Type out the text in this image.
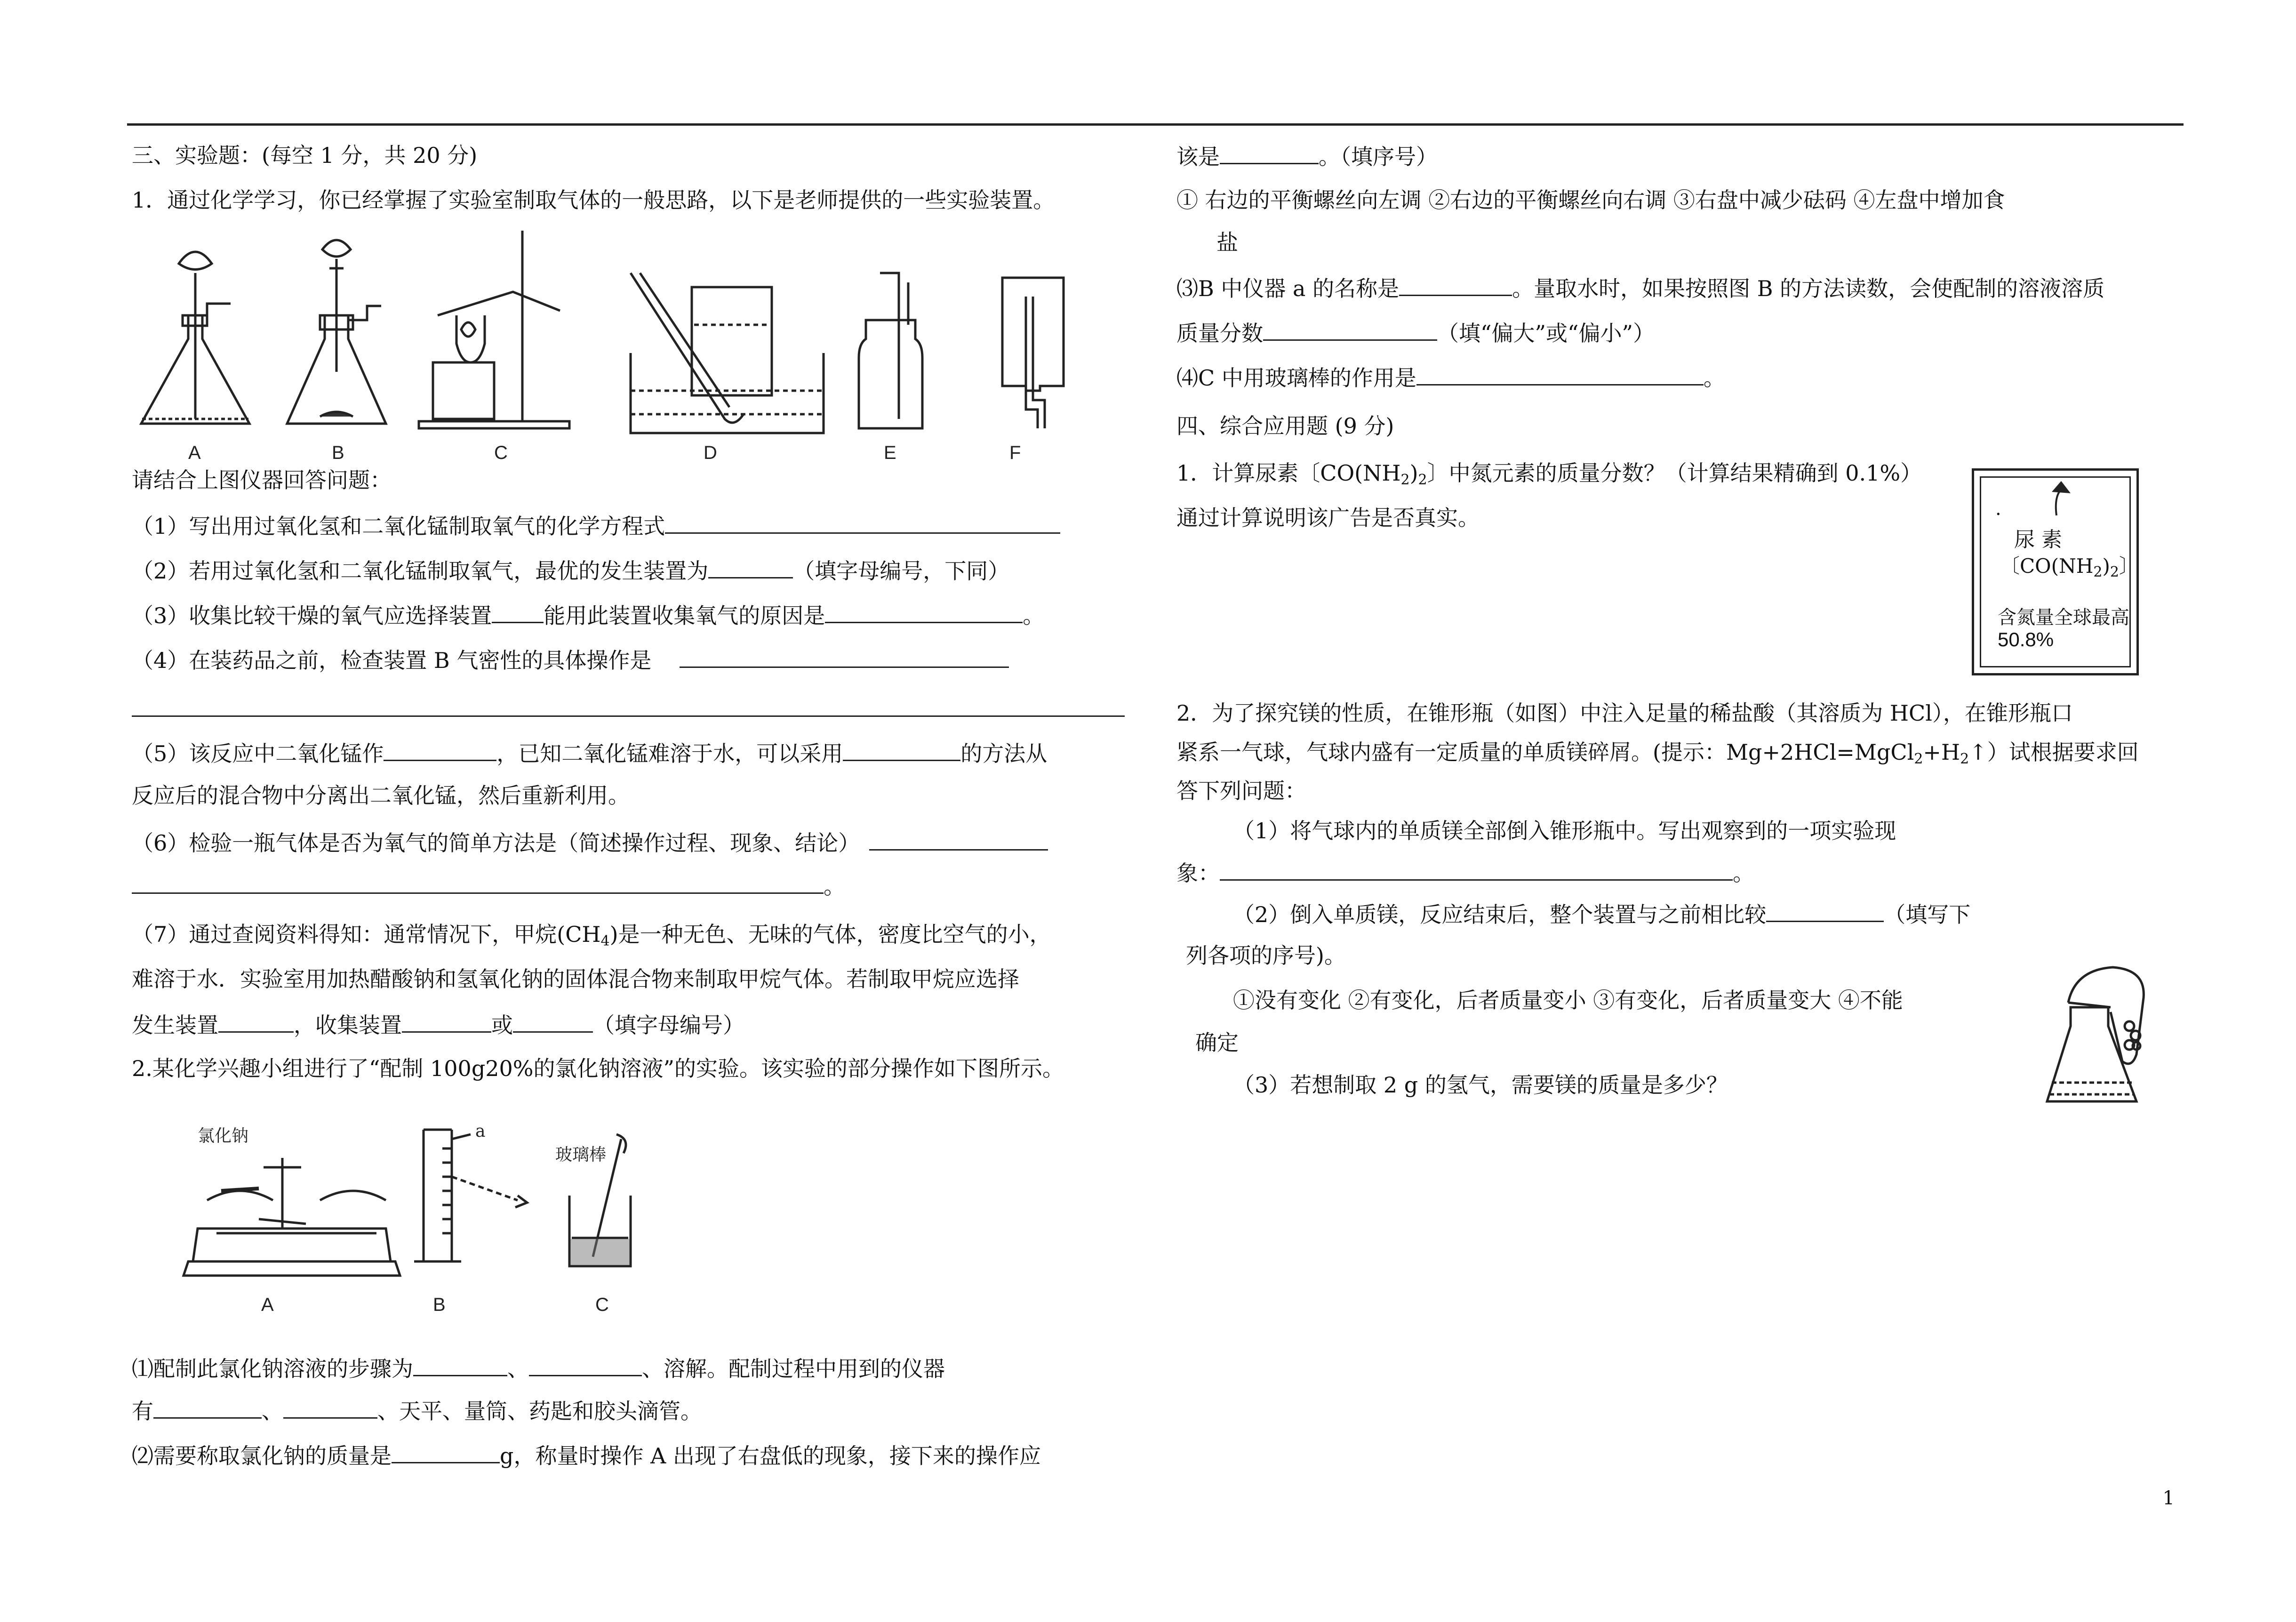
三、实验题：(每空 1 分，共 20 分)
1．通过化学学习，你已经掌握了实验室制取气体的一般思路，以下是老师提供的一些实验装置。
A	B	C	D	E	F
请结合上图仪器回答问题：
（1）写出用过氧化氢和二氧化锰制取氧气的化学方程式
（2）若用过氧化氢和二氧化锰制取氧气，最优的发生装置为	（填字母编号，下同）
（3）收集比较干燥的氧气应选择装置 能用此装置收集氧气的原因是	。
（4）在装药品之前，检查装置 B 气密性的具体操作是
（5）该反应中二氧化锰作	，已知二氧化锰难溶于水，可以采用	的方法从
反应后的混合物中分离出二氧化锰，然后重新利用。
（6）检验一瓶气体是否为氧气的简单方法是（简述操作过程、现象、结论）
。
（7）通过查阅资料得知：通常情况下，甲烷$(CH_4)$是一种无色、无味的气体，密度比空气的小，
难溶于水．实验室用加热醋酸钠和氢氧化钠的固体混合物来制取甲烷气体。若制取甲烷应选择
发生装置	，收集装置	或	（填字母编号）
2.某化学兴趣小组进行了“配制 100g20%的氯化钠溶液”的实验。该实验的部分操作如下图所示。
氯化钠	a
玻璃棒
A	B	C
⑴配制此氯化钠溶液的步骤为	、	、溶解。配制过程中用到的仪器
有	、	、天平、量筒、药匙和胶头滴管。
⑵需要称取氯化钠的质量是	g，称量时操作 A 出现了右盘低的现象，接下来的操作应
该是	。（填序号）
① 右边的平衡螺丝向左调 ②右边的平衡螺丝向右调 ③右盘中减少砝码 ④左盘中增加食
盐
⑶B 中仪器 a 的名称是	。量取水时，如果按照图 B 的方法读数，会使配制的溶液溶质
质量分数	（填“偏大”或“偏小”）
⑷C 中用玻璃棒的作用是	。
四、综合应用题 (9 分)
1．计算尿素〔$CO(NH_2)_2$〕中氮元素的质量分数？（计算结果精确到 0.1%）
通过计算说明该广告是否真实。	·
尿 素
〔$CO(NH_2)_2$〕
含氮量全球最高
50.8%
2．为了探究镁的性质，在锥形瓶（如图）中注入足量的稀盐酸（其溶质为 HCl），在锥形瓶口
紧系一气球，气球内盛有一定质量的单质镁碎屑。(提示：$Mg+2HCl=MgCl_2+H_2↑$）试根据要求回
答下列问题：
（1）将气球内的单质镁全部倒入锥形瓶中。写出观察到的一项实验现
象：	。
（2）倒入单质镁，反应结束后，整个装置与之前相比较	（填写下
列各项的序号)。
①没有变化 ②有变化，后者质量变小 ③有变化，后者质量变大 ④不能
确定
（3）若想制取 2 g 的氢气，需要镁的质量是多少？
1
